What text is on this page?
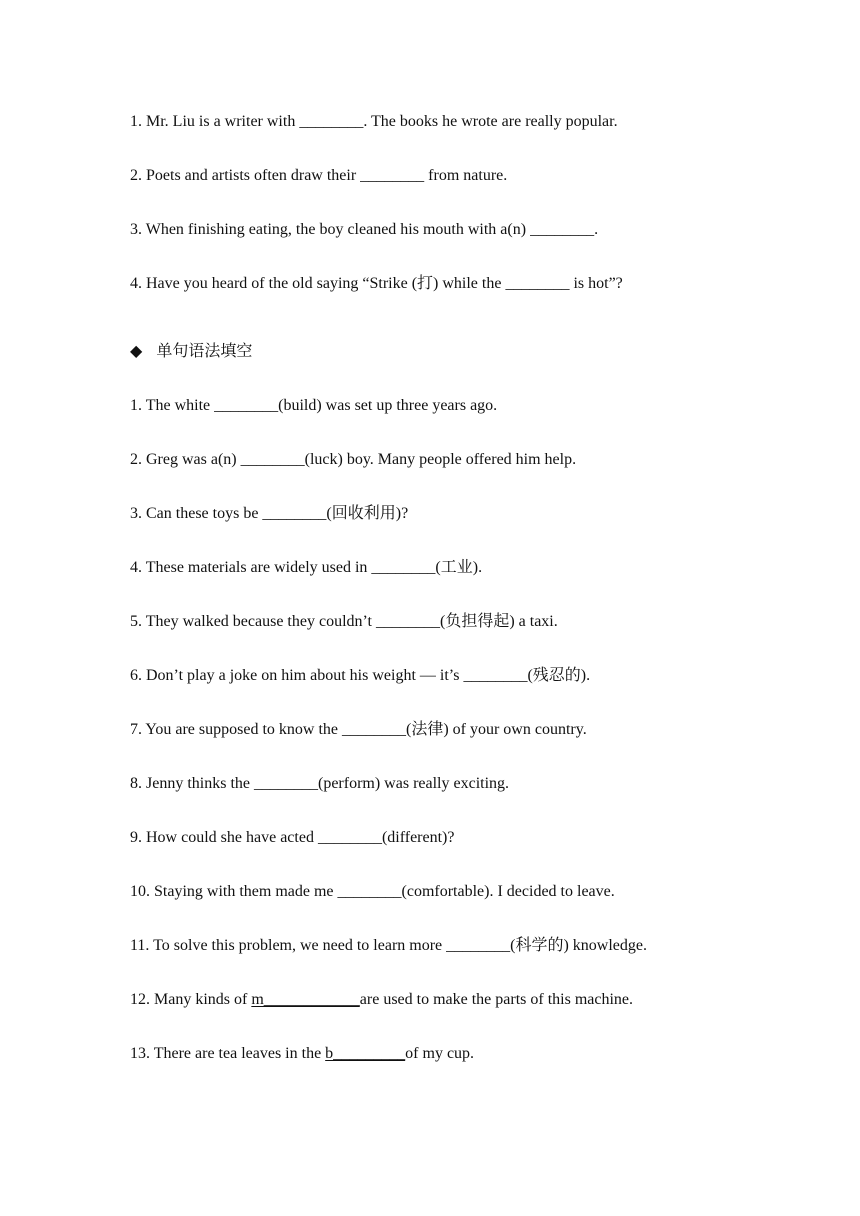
1. Mr. Liu is a writer with ________. The books he wrote are really popular.
2. Poets and artists often draw their ________ from nature.
3. When finishing eating, the boy cleaned his mouth with a(n) ________.
4. Have you heard of the old saying “Strike (打) while the ________ is hot”?
◆ 单句语法填空
1. The white ________(build) was set up three years ago.
2. Greg was a(n) ________(luck) boy. Many people offered him help.
3. Can these toys be ________(回收利用)?
4. These materials are widely used in ________(工业).
5. They walked because they couldn’t ________(负担得起) a taxi.
6. Don’t play a joke on him about his weight — it’s ________(残忍的).
7. You are supposed to know the ________(法律) of your own country.
8. Jenny thinks the ________(perform) was really exciting.
9. How could she have acted ________(different)?
10. Staying with them made me ________(comfortable). I decided to leave.
11. To solve this problem, we need to learn more ________(科学的) knowledge.
12. Many kinds of m____________are used to make the parts of this machine.
13. There are tea leaves in the b_________of my cup.
